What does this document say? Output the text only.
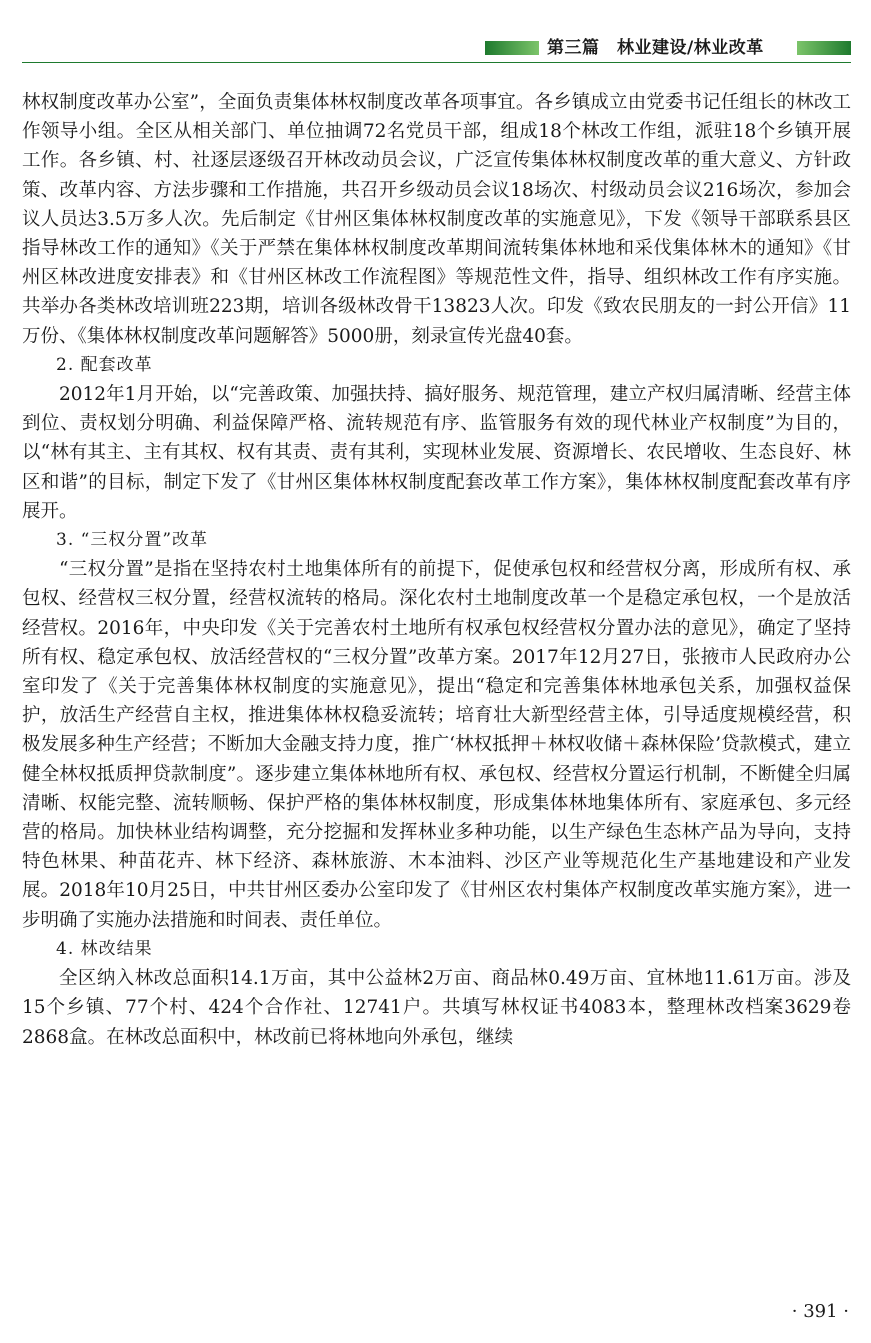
第三篇　林业建设/林业改革

林权制度改革办公室”，全面负责集体林权制度改革各项事宜。各乡镇成立由党委书记任组长的林改工作领导小组。全区从相关部门、单位抽调72名党员干部，组成18个林改工作组，派驻18个乡镇开展工作。各乡镇、村、社逐层逐级召开林改动员会议，广泛宣传集体林权制度改革的重大意义、方针政策、改革内容、方法步骤和工作措施，共召开乡级动员会议18场次、村级动员会议216场次，参加会议人员达3.5万多人次。先后制定《甘州区集体林权制度改革的实施意见》，下发《领导干部联系县区指导林改工作的通知》《关于严禁在集体林权制度改革期间流转集体林地和采伐集体林木的通知》《甘州区林改进度安排表》和《甘州区林改工作流程图》等规范性文件，指导、组织林改工作有序实施。共举办各类林改培训班223期，培训各级林改骨干13823人次。印发《致农民朋友的一封公开信》11万份、《集体林权制度改革问题解答》5000册，刻录宣传光盘40套。

2. 配套改革

2012年1月开始，以“完善政策、加强扶持、搞好服务、规范管理，建立产权归属清晰、经营主体到位、责权划分明确、利益保障严格、流转规范有序、监管服务有效的现代林业产权制度”为目的，以“林有其主、主有其权、权有其责、责有其利，实现林业发展、资源增长、农民增收、生态良好、林区和谐”的目标，制定下发了《甘州区集体林权制度配套改革工作方案》，集体林权制度配套改革有序展开。

3. “三权分置”改革

“三权分置”是指在坚持农村土地集体所有的前提下，促使承包权和经营权分离，形成所有权、承包权、经营权三权分置，经营权流转的格局。深化农村土地制度改革一个是稳定承包权，一个是放活经营权。2016年，中央印发《关于完善农村土地所有权承包权经营权分置办法的意见》，确定了坚持所有权、稳定承包权、放活经营权的“三权分置”改革方案。2017年12月27日，张掖市人民政府办公室印发了《关于完善集体林权制度的实施意见》，提出“稳定和完善集体林地承包关系，加强权益保护，放活生产经营自主权，推进集体林权稳妥流转；培育壮大新型经营主体，引导适度规模经营，积极发展多种生产经营；不断加大金融支持力度，推广‘林权抵押＋林权收储＋森林保险’贷款模式，建立健全林权抵质押贷款制度”。逐步建立集体林地所有权、承包权、经营权分置运行机制，不断健全归属清晰、权能完整、流转顺畅、保护严格的集体林权制度，形成集体林地集体所有、家庭承包、多元经营的格局。加快林业结构调整，充分挖掘和发挥林业多种功能，以生产绿色生态林产品为导向，支持特色林果、种苗花卉、林下经济、森林旅游、木本油料、沙区产业等规范化生产基地建设和产业发展。2018年10月25日，中共甘州区委办公室印发了《甘州区农村集体产权制度改革实施方案》，进一步明确了实施办法措施和时间表、责任单位。

4. 林改结果

全区纳入林改总面积14.1万亩，其中公益林2万亩、商品林0.49万亩、宜林地11.61万亩。涉及15个乡镇、77个村、424个合作社、12741户。共填写林权证书4083本，整理林改档案3629卷2868盒。在林改总面积中，林改前已将林地向外承包，继续

· 391 ·
